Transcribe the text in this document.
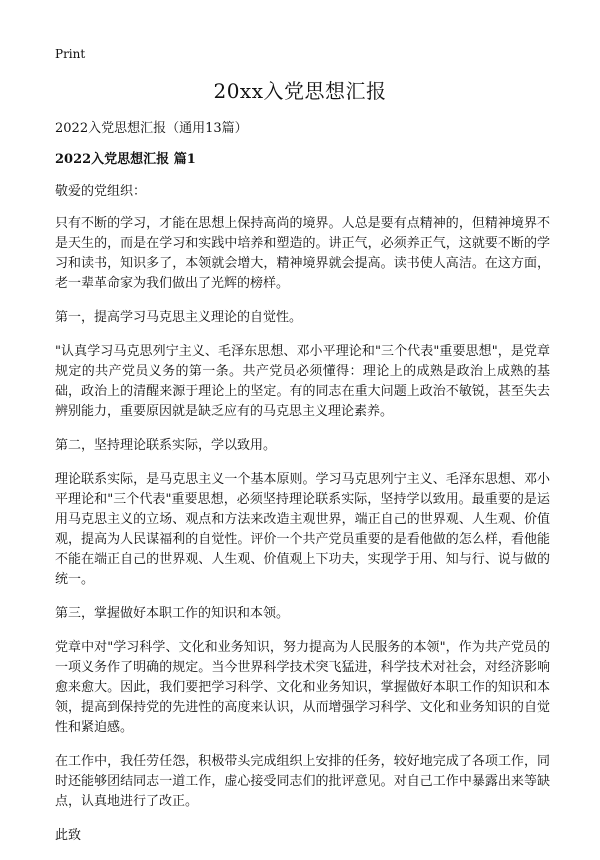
Print
20xx入党思想汇报
2022入党思想汇报（通用13篇）
2022入党思想汇报 篇1

敬爱的党组织：

只有不断的学习，才能在思想上保持高尚的境界。人总是要有点精神的，但精神境界不是天生的，而是在学习和实践中培养和塑造的。讲正气，必须养正气，这就要不断的学习和读书，知识多了，本领就会增大，精神境界就会提高。读书使人高洁。在这方面，老一辈革命家为我们做出了光辉的榜样。

第一，提高学习马克思主义理论的自觉性。

"认真学习马克思列宁主义、毛泽东思想、邓小平理论和"三个代表"重要思想"，是党章规定的共产党员义务的第一条。共产党员必须懂得：理论上的成熟是政治上成熟的基础，政治上的清醒来源于理论上的坚定。有的同志在重大问题上政治不敏锐，甚至失去辨别能力，重要原因就是缺乏应有的马克思主义理论素养。

第二，坚持理论联系实际，学以致用。

理论联系实际，是马克思主义一个基本原则。学习马克思列宁主义、毛泽东思想、邓小平理论和"三个代表"重要思想，必须坚持理论联系实际，坚持学以致用。最重要的是运用马克思主义的立场、观点和方法来改造主观世界，端正自己的世界观、人生观、价值观，提高为人民谋福利的自觉性。评价一个共产党员重要的是看他做的怎么样，看他能不能在端正自己的世界观、人生观、价值观上下功夫，实现学于用、知与行、说与做的统一。

第三，掌握做好本职工作的知识和本领。

党章中对"学习科学、文化和业务知识，努力提高为人民服务的本领"，作为共产党员的一项义务作了明确的规定。当今世界科学技术突飞猛进，科学技术对社会，对经济影响愈来愈大。因此，我们要把学习科学、文化和业务知识，掌握做好本职工作的知识和本领，提高到保持党的先进性的高度来认识，从而增强学习科学、文化和业务知识的自觉性和紧迫感。

在工作中，我任劳任怨，积极带头完成组织上安排的任务，较好地完成了各项工作，同时还能够团结同志一道工作，虚心接受同志们的批评意见。对自己工作中暴露出来等缺点，认真地进行了改正。

此致
